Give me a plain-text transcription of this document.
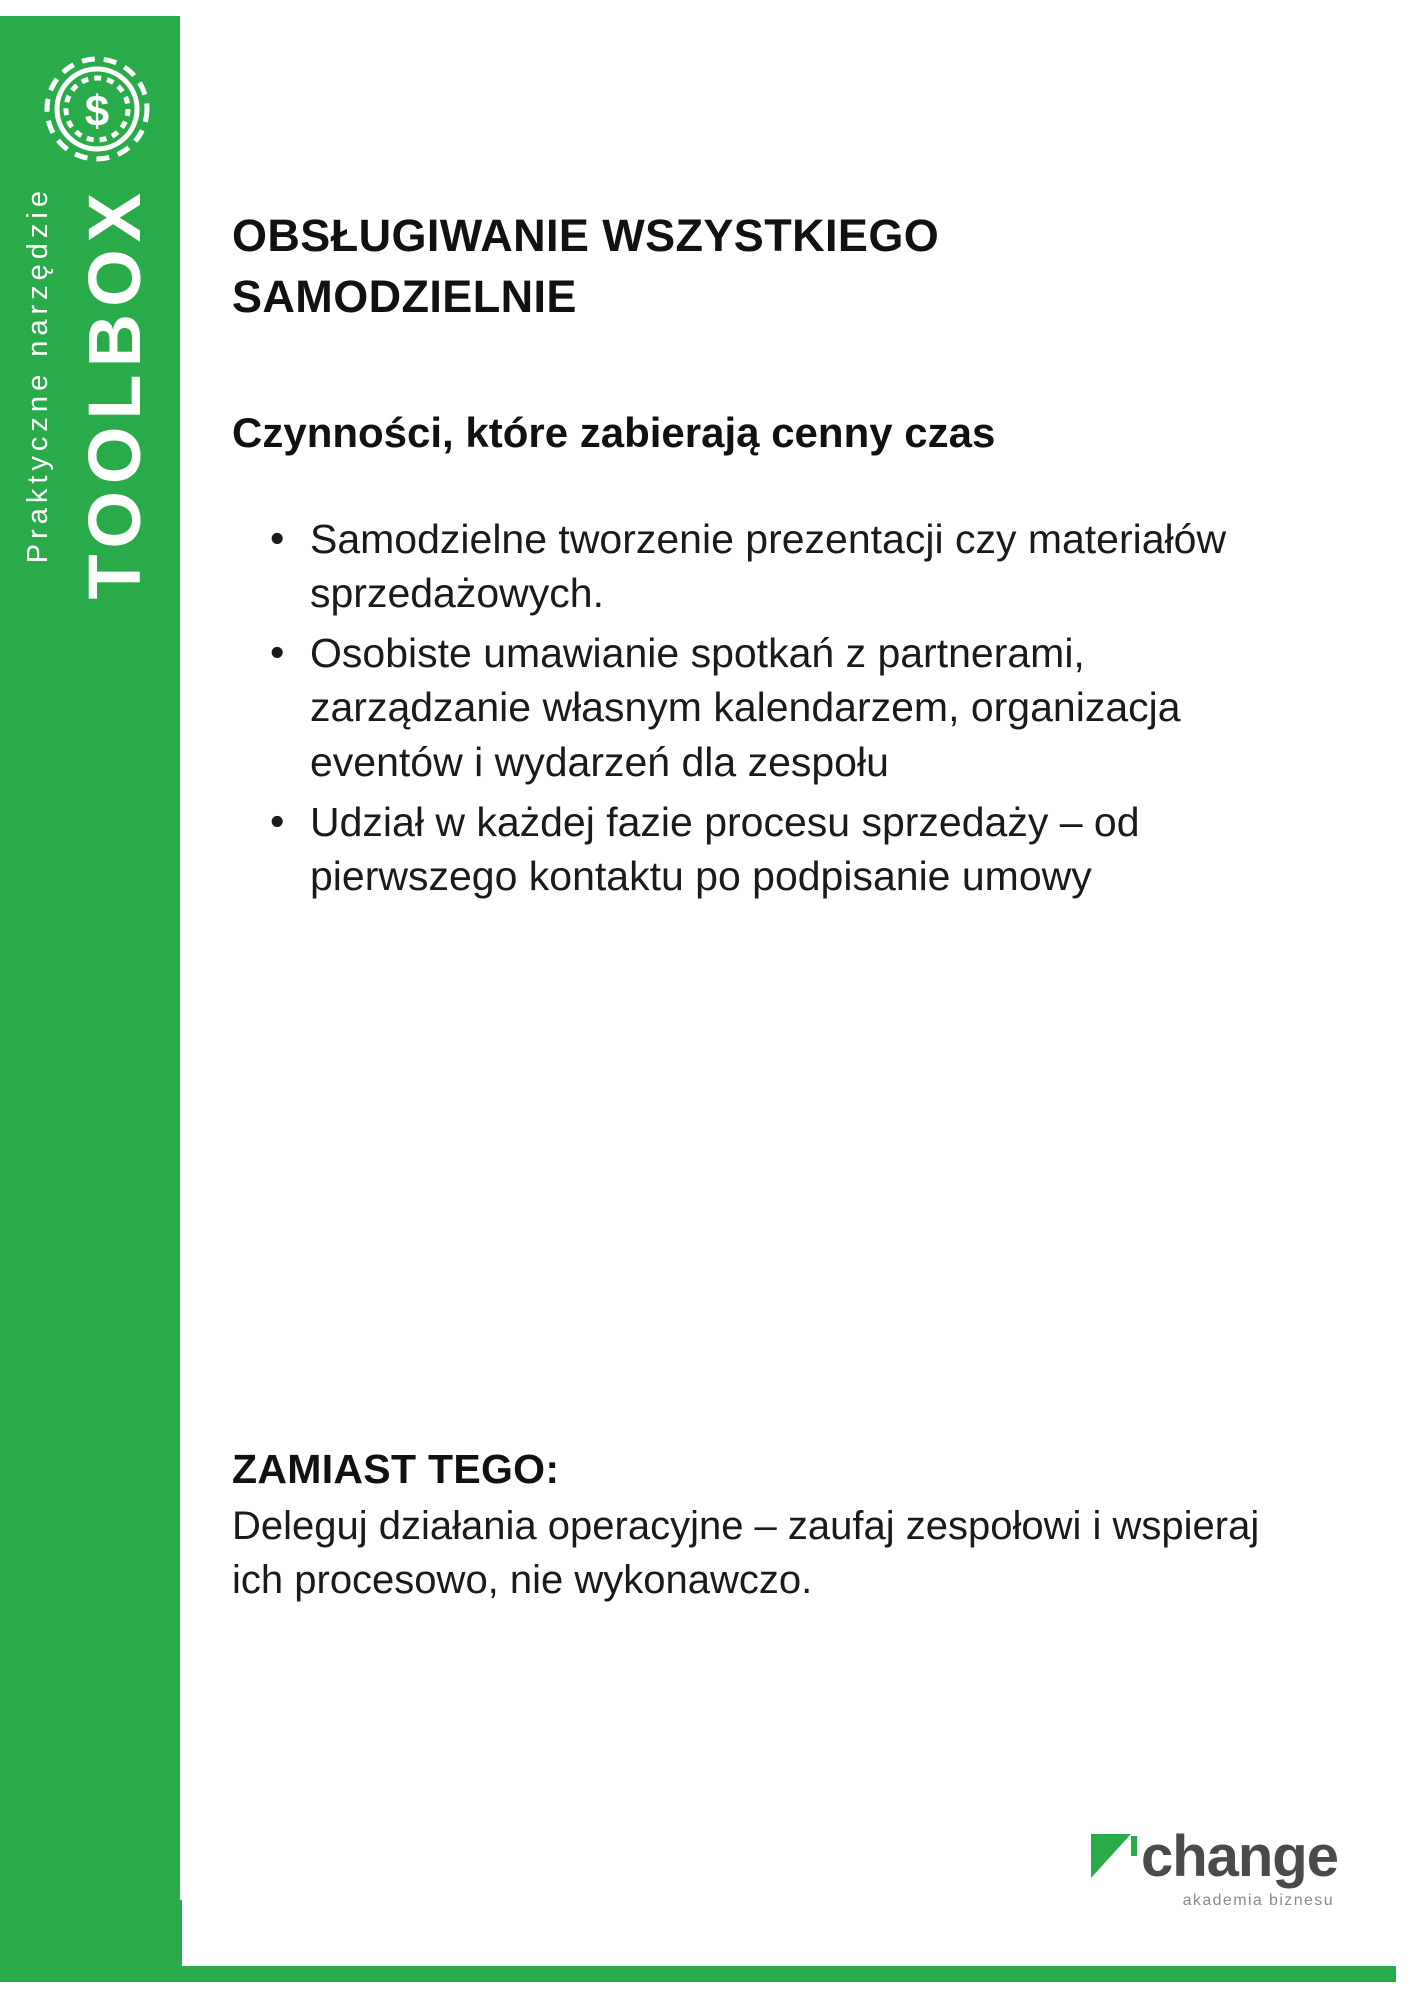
$
TOOLBOX
Praktyczne narzędzie	OBSŁUGIWANIE WSZYSTKIEGO SAMODZIELNIE
Czynności, które zabierają cenny czas
• Samodzielne tworzenie prezentacji czy materiałów sprzedażowych.
• Osobiste umawianie spotkań z partnerami, zarządzanie własnym kalendarzem, organizacja eventów i wydarzeń dla zespołu
• Udział w każdej fazie procesu sprzedaży – od pierwszego kontaktu po podpisanie umowy

ZAMIAST TEGO:

Deleguj działania operacyjne – zaufaj zespołowi i wspieraj ich procesowo, nie wykonawczo.

change
akademia biznesu
